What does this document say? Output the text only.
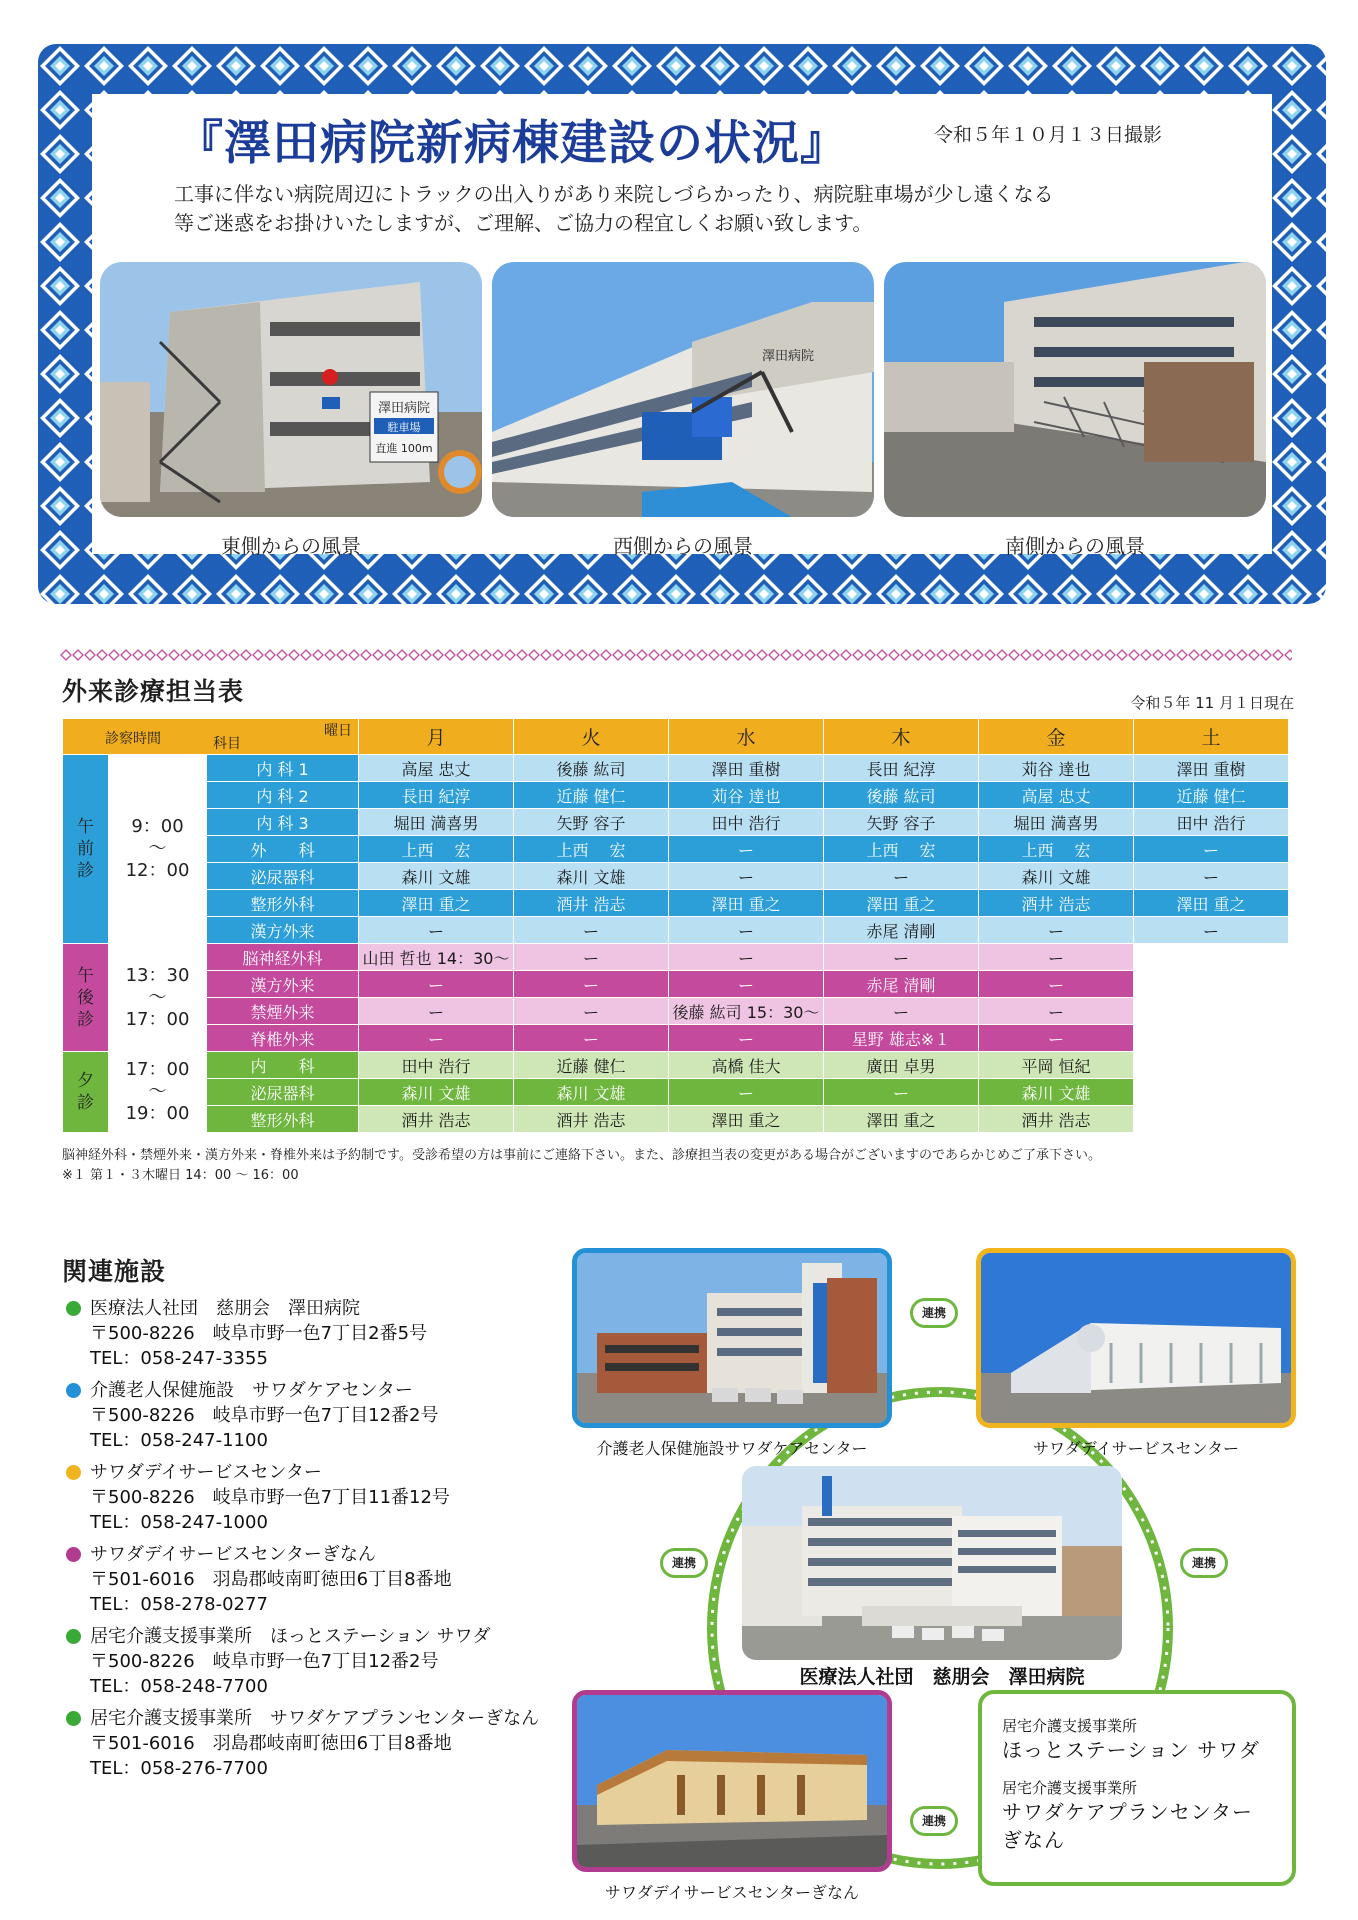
『澤田病院新病棟建設の状況』	令和５年１０月１３日撮影
工事に伴ない病院周辺にトラックの出入りがあり来院しづらかったり、病院駐車場が少し遠くなる
等ご迷惑をお掛けいたしますが、ご理解、ご協力の程宜しくお願い致します。
澤田病院
駐車場
直進 100m
東側からの風景
澤田病院
西側からの風景	南側からの風景
外来診療担当表	令和５年 11 月１日現在
診察時間 曜日
科目			月	火	水	木	金	土

午
前
診	9：00
〜
12：00	内 科 1	高屋 忠丈	後藤 紘司	澤田 重樹	長田 紀淳	苅谷 達也	澤田 重樹
		内 科 2	長田 紀淳	近藤 健仁	苅谷 達也	後藤 紘司	高屋 忠丈	近藤 健仁
		内 科 3	堀田 満喜男	矢野 容子	田中 浩行	矢野 容子	堀田 満喜男	田中 浩行
		外　　科	上西　 宏	上西　 宏	ー	上西　 宏	上西　 宏	ー
		泌尿器科	森川 文雄	森川 文雄	ー	ー	森川 文雄	ー
		整形外科	澤田 重之	酒井 浩志	澤田 重之	澤田 重之	酒井 浩志	澤田 重之
		漢方外来	ー	ー	ー	赤尾 清剛	ー	ー

午
後
診	13：30
〜
17：00	脳神経外科	山田 哲也 14：30〜	ー	ー	ー	ー	
		漢方外来	ー	ー	ー	赤尾 清剛	ー	
		禁煙外来	ー	ー	後藤 紘司 15：30〜	ー	ー	
		脊椎外来	ー	ー	ー	星野 雄志※１	ー	

夕
診	17：00
〜
19：00	内　　科	田中 浩行	近藤 健仁	高橋 佳大	廣田 卓男	平岡 恒紀	
		泌尿器科	森川 文雄	森川 文雄	ー	ー	森川 文雄	
		整形外科	酒井 浩志	酒井 浩志	澤田 重之	澤田 重之	酒井 浩志	
脳神経外科・禁煙外来・漢方外来・脊椎外来は予約制です。受診希望の方は事前にご連絡下さい。また、診療担当表の変更がある場合がございますのであらかじめご了承下さい。
※１ 第１・３木曜日 14：00 〜 16：00
関連施設
医療法人社団　慈朋会　澤田病院
〒500-8226　岐阜市野一色7丁目2番5号
TEL：058-247-3355
介護老人保健施設　サワダケアセンター
〒500-8226　岐阜市野一色7丁目12番2号
TEL：058-247-1100
サワダデイサービスセンター
〒500-8226　岐阜市野一色7丁目11番12号
TEL：058-247-1000
サワダデイサービスセンターぎなん
〒501-6016　羽島郡岐南町徳田6丁目8番地
TEL：058-278-0277
居宅介護支援事業所　ほっとステーション サワダ
〒500-8226　岐阜市野一色7丁目12番2号
TEL：058-248-7700
居宅介護支援事業所　サワダケアプランセンターぎなん
〒501-6016　羽島郡岐南町徳田6丁目8番地
TEL：058-276-7700
介護老人保健施設サワダケアセンター	サワダデイサービスセンター
医療法人社団　慈朋会　澤田病院
サワダデイサービスセンターぎなん
居宅介護支援事業所
ほっとステーション サワダ
居宅介護支援事業所
サワダケアプランセンターぎなん
連携
連携	連携
連携
